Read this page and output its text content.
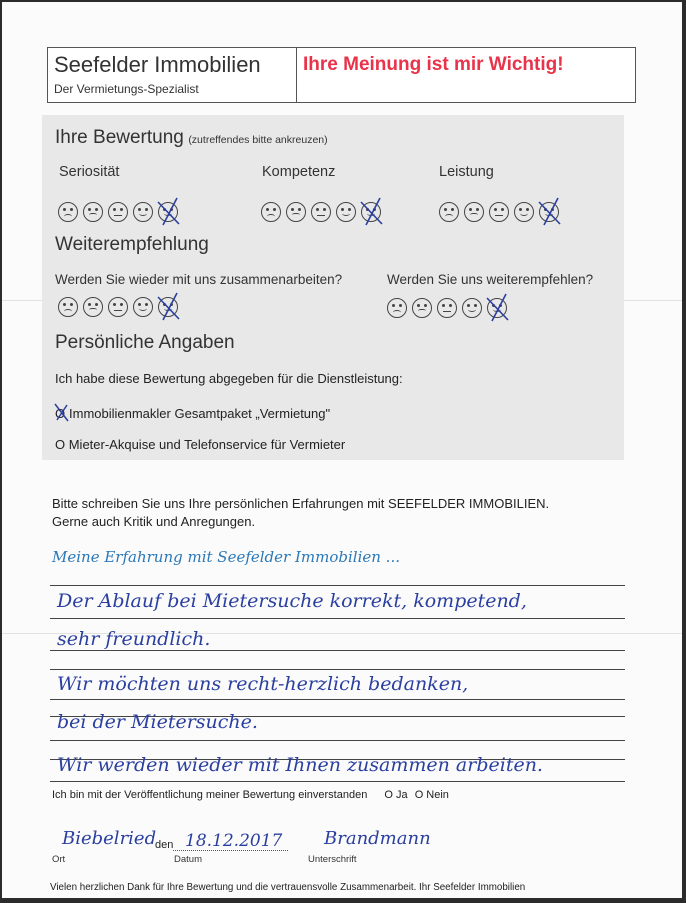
Seefelder Immobilien
Der Vermietungs-Spezialist
Ihre Meinung ist mir Wichtig!
Ihre Bewertung (zutreffendes bitte ankreuzen)
Seriosität	Kompetenz	Leistung
Weiterempfehlung
Werden Sie wieder mit uns zusammenarbeiten?	Werden Sie uns weiterempfehlen?
Persönliche Angaben
Ich habe diese Bewertung abgegeben für die Dienstleistung:
O Immobilienmakler Gesamtpaket „Vermietung"
O Mieter-Akquise und Telefonservice für Vermieter
Bitte schreiben Sie uns Ihre persönlichen Erfahrungen mit SEEFELDER IMMOBILIEN.
Gerne auch Kritik und Anregungen.
Meine Erfahrung mit Seefelder Immobilien ...
Der Ablauf bei Mietersuche korrekt, kompetend,
sehr freundlich.
Wir möchten uns recht-herzlich bedanken,
bei der Mietersuche.
Wir werden wieder mit Ihnen zusammen arbeiten.
Ich bin mit der Veröffentlichung meiner Bewertung einverstanden O Ja O Nein
Biebelried
den 18.12.2017 Brandmann
Ort	Datum	Unterschrift
Vielen herzlichen Dank für Ihre Bewertung und die vertrauensvolle Zusammenarbeit. Ihr Seefelder Immobilien
